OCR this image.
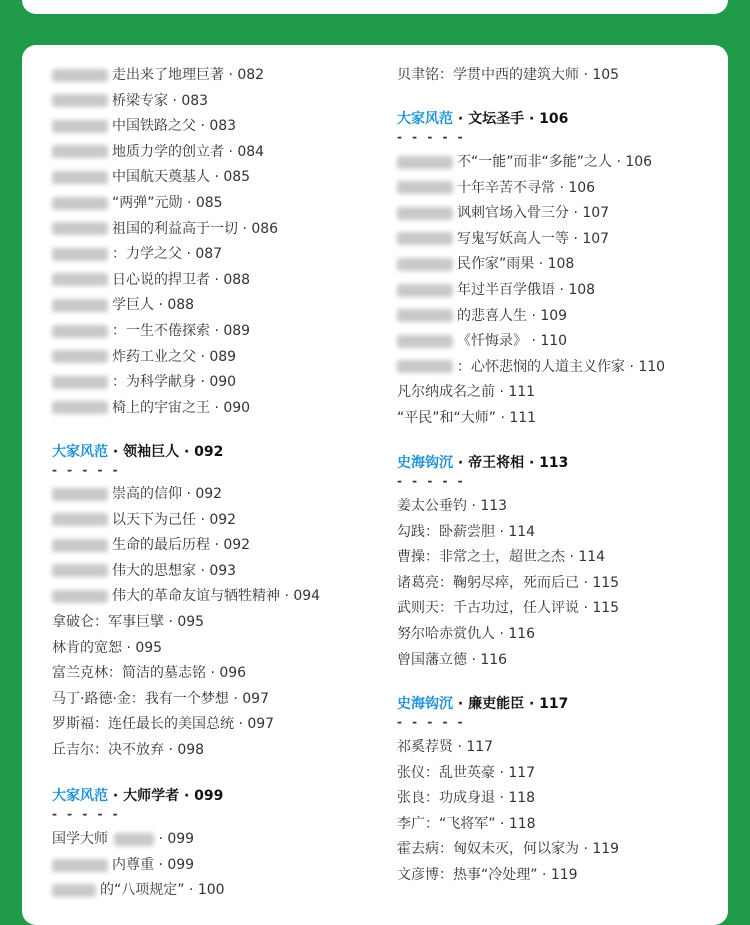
走出来了地理巨著 · 082
桥梁专家 · 083
中国铁路之父 · 083
地质力学的创立者 · 084
中国航天奠基人 · 085
“两弹”元勋 · 085
祖国的利益高于一切 · 086
：力学之父 · 087
日心说的捍卫者 · 088
学巨人 · 088
：一生不倦探索 · 089
炸药工业之父 · 089
：为科学献身 · 090
椅上的宇宙之王 · 090
大家风范 · 领袖巨人 · 092
- - - - -
崇高的信仰 · 092
以天下为己任 · 092
生命的最后历程 · 092
伟大的思想家 · 093
伟大的革命友谊与牺牲精神 · 094
拿破仑：军事巨擘 · 095
林肯的宽恕 · 095
富兰克林：简洁的墓志铭 · 096
马丁·路德·金：我有一个梦想 · 097
罗斯福：连任最长的美国总统 · 097
丘吉尔：决不放弃 · 098
大家风范 · 大师学者 · 099
- - - - -
国学大师	· 099
内尊重 · 099
的“八项规定” · 100
贝聿铭：学贯中西的建筑大师 · 105
大家风范 · 文坛圣手 · 106
- - - - -
不“一能”而非“多能”之人 · 106
十年辛苦不寻常 · 106
讽刺官场入骨三分 · 107
写鬼写妖高人一等 · 107
民作家”雨果 · 108
年过半百学俄语 · 108
的悲喜人生 · 109
《忏悔录》 · 110
：心怀悲悯的人道主义作家 · 110
凡尔纳成名之前 · 111
“平民”和“大师” · 111
史海钩沉 · 帝王将相 · 113
- - - - -
姜太公垂钓 · 113
勾践：卧薪尝胆 · 114
曹操：非常之士，超世之杰 · 114
诸葛亮：鞠躬尽瘁，死而后已 · 115
武则天：千古功过，任人评说 · 115
努尔哈赤赏仇人 · 116
曾国藩立德 · 116
史海钩沉 · 廉吏能臣 · 117
- - - - -
祁奚荐贤 · 117
张仪：乱世英豪 · 117
张良：功成身退 · 118
李广：“飞将军” · 118
霍去病：匈奴未灭，何以家为 · 119
文彦博：热事“冷处理” · 119
